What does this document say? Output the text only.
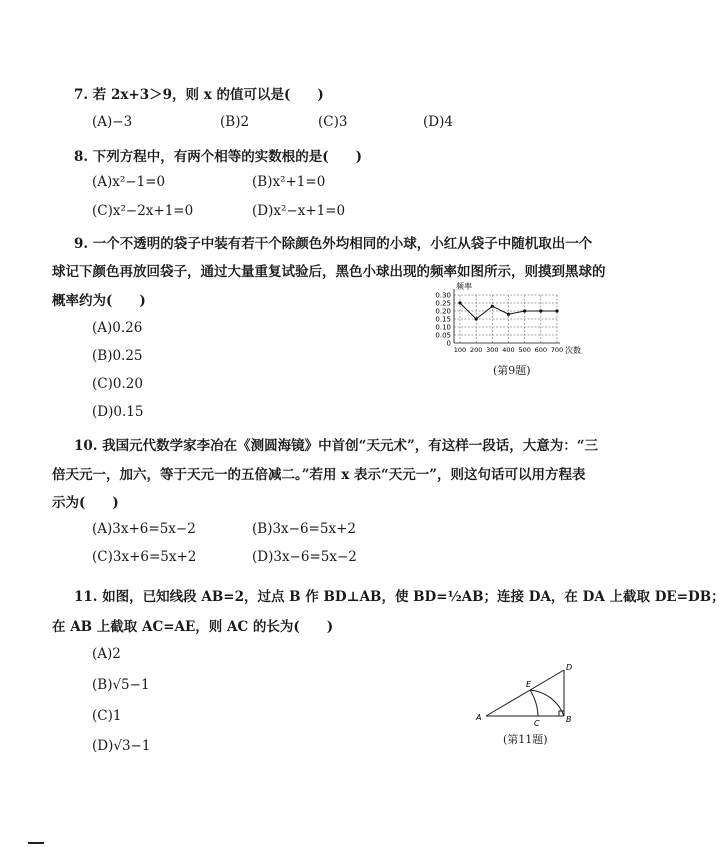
7. 若 2x+3＞9，则 x 的值可以是(　　)
(A)−3	(B)2	(C)3	(D)4
8. 下列方程中，有两个相等的实数根的是(　　)
(A)x²−1=0	(B)x²+1=0
(C)x²−2x+1=0	(D)x²−x+1=0
9. 一个不透明的袋子中装有若干个除颜色外均相同的小球，小红从袋子中随机取出一个
球记下颜色再放回袋子，通过大量重复试验后，黑色小球出现的频率如图所示，则摸到黑球的
概率约为(　　)
(A)0.26
(B)0.25
(C)0.20
(D)0.15
0.30
0.25
0.20
0.15
0.10
0.05
0
100 200 300 400 500 600 700
频率
次数
(第9题)
10. 我国元代数学家李冶在《测圆海镜》中首创“天元术”，有这样一段话，大意为：“三
倍天元一，加六，等于天元一的五倍减二。”若用 x 表示“天元一”，则这句话可以用方程表
示为(　　)
(A)3x+6=5x−2	(B)3x−6=5x+2
(C)3x+6=5x+2	(D)3x−6=5x−2
11. 如图，已知线段 AB=2，过点 B 作 BD⊥AB，使 BD=½AB；连接 DA，在 DA 上截取 DE=DB；
在 AB 上截取 AC=AE，则 AC 的长为(　　)
(A)2
(B)√5−1
(C)1
(D)√3−1
A	B
C
D
E
(第11题)
